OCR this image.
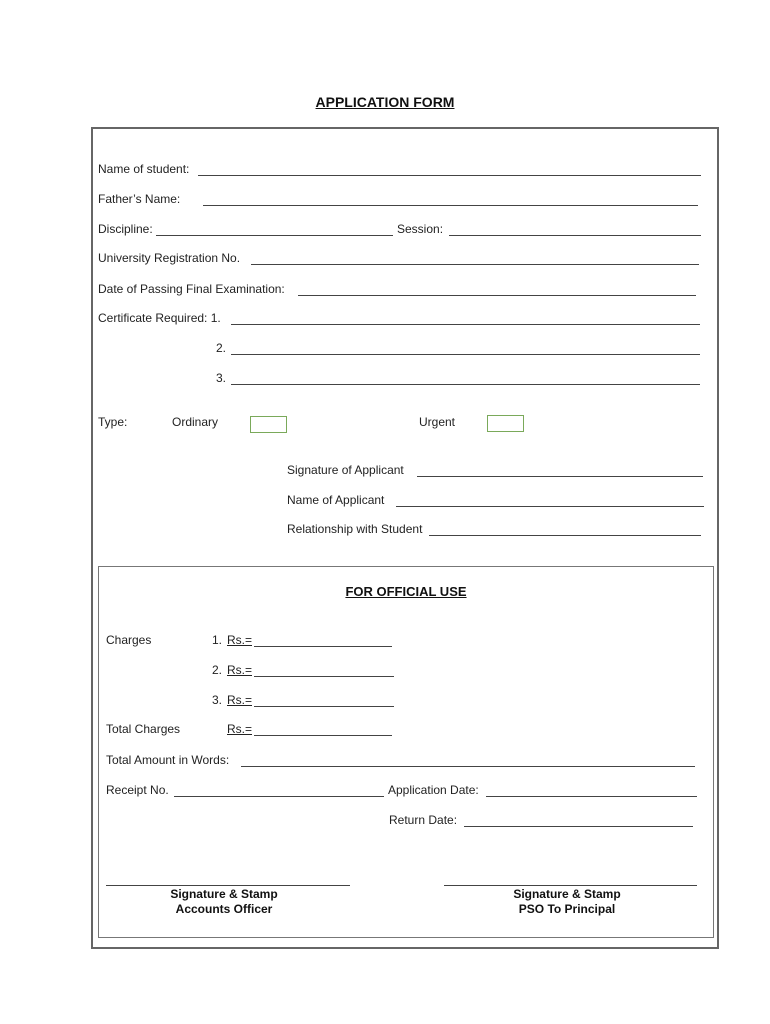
APPLICATION FORM
Name of student:
Father’s Name:
Discipline:	Session:
University Registration No.
Date of Passing Final Examination:
Certificate Required: 1.
2.
3.
Type:	Ordinary	Urgent
Signature of Applicant
Name of Applicant
Relationship with Student
FOR OFFICIAL USE
Charges	1. Rs.=
2. Rs.=
3. Rs.=
Total Charges	Rs.=
Total Amount in Words:
Receipt No.	Application Date:
Return Date:
Signature & Stamp
Accounts Officer
Signature & Stamp
PSO To Principal
